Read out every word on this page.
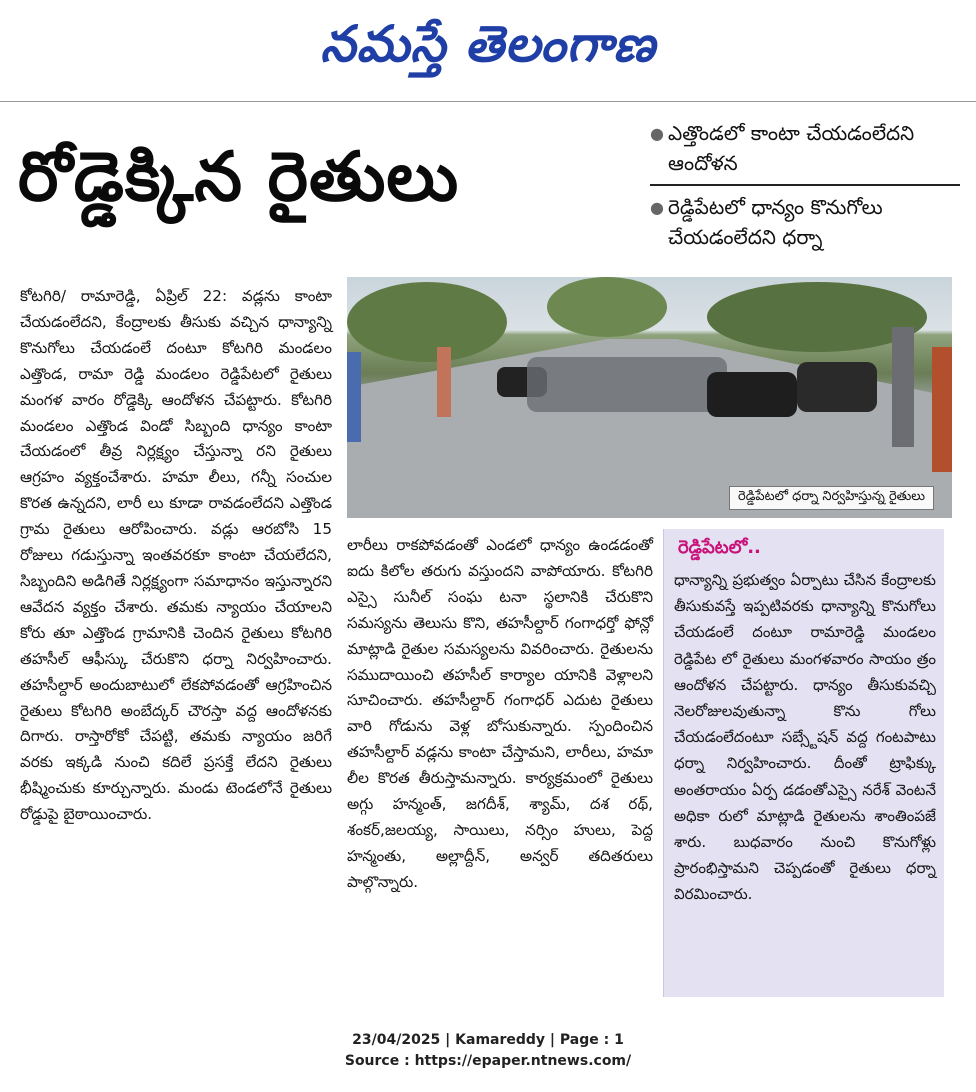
నమస్తే తెలంగాణ
రోడ్డెక్కిన రైతులు
● ఎత్తొండలో కాంటా చేయడంలేదని ఆందోళన
● రెడ్డిపేటలో ధాన్యం కొనుగోలు చేయడంలేదని ధర్నా
రెడ్డిపేటలో ధర్నా నిర్వహిస్తున్న రైతులు
కోటగిరి/ రామారెడ్డి, ఏప్రిల్ 22: వడ్లను కాంటా చేయడంలేదని, కేంద్రాలకు తీసుకు వచ్చిన ధాన్యాన్ని కొనుగోలు చేయడంలే దంటూ కోటగిరి మండలం ఎత్తొండ, రామా రెడ్డి మండలం రెడ్డిపేటలో రైతులు మంగళ వారం రోడ్డెక్కి ఆందోళన చేపట్టారు. కోటగిరి మండలం ఎత్తొండ విండో సిబ్బంది ధాన్యం కాంటా చేయడంలో తీవ్ర నిర్లక్ష్యం చేస్తున్నా రని రైతులు ఆగ్రహం వ్యక్తంచేశారు. హమా లీలు, గన్నీ సంచుల కొరత ఉన్నదని, లారీ లు కూడా రావడంలేదని ఎత్తొండ గ్రామ రైతులు ఆరోపించారు. వడ్లు ఆరబోసి 15 రోజులు గడుస్తున్నా ఇంతవరకూ కాంటా చేయలేదని, సిబ్బందిని అడిగితే నిర్లక్ష్యంగా సమాధానం ఇస్తున్నారని ఆవేదన వ్యక్తం చేశారు. తమకు న్యాయం చేయాలని కోరు తూ ఎత్తొండ గ్రామానికి చెందిన రైతులు కోటగిరి తహసీల్ ఆఫీస్కు చేరుకొని ధర్నా నిర్వహించారు. తహసీల్దార్ అందుబాటులో లేకపోవడంతో ఆగ్రహించిన రైతులు కోటగిరి అంబేద్కర్ చౌరస్తా వద్ద ఆందోళనకు దిగారు. రాస్తారోకో చేపట్టి, తమకు న్యాయం జరిగే వరకు ఇక్కడి నుంచి కదిలే ప్రసక్తే లేదని రైతులు భీష్మించుకు కూర్చున్నారు. మండు టెండలోనే రైతులు రోడ్డుపై బైఠాయించారు.
లారీలు రాకపోవడంతో ఎండలో ధాన్యం ఉండడంతో ఐదు కిలోల తరుగు వస్తుందని వాపోయారు. కోటగిరి ఎస్సై సునీల్ సంఘ టనా స్థలానికి చేరుకొని సమస్యను తెలుసు కొని, తహసీల్దార్ గంగాధర్తో ఫోన్లో మాట్లాడి రైతుల సమస్యలను వివరించారు. రైతులను సముదాయించి తహసీల్ కార్యాల యానికి వెళ్లాలని సూచించారు. తహసీల్దార్ గంగాధర్ ఎదుట రైతులు వారి గోడును వెళ్ల బోసుకున్నారు. స్పందించిన తహసీల్దార్ వడ్లను కాంటా చేస్తామని, లారీలు, హమా లీల కొరత తీరుస్తామన్నారు. కార్యక్రమంలో రైతులు అగ్గు హన్మంత్, జగదీశ్, శ్యామ్, దశ రథ్, శంకర్,జలయ్య, సాయిలు, నర్సిం హులు, పెద్ద హన్మంతు, అల్లాద్దీన్, అన్వర్ తదితరులు పాల్గొన్నారు.
రెడ్డిపేటలో..
ధాన్యాన్ని ప్రభుత్వం ఏర్పాటు చేసిన కేంద్రాలకు తీసుకువస్తే ఇప్పటివరకు ధాన్యాన్ని కొనుగోలు చేయడంలే దంటూ రామారెడ్డి మండలం రెడ్డిపేట లో రైతులు మంగళవారం సాయం త్రం ఆందోళన చేపట్టారు. ధాన్యం తీసుకువచ్చి నెలరోజులవుతున్నా కొను గోలు చేయడంలేదంటూ సబ్స్టేషన్ వద్ద గంటపాటు ధర్నా నిర్వహించారు. దీంతో ట్రాఫిక్కు అంతరాయం ఏర్ప డడంతోఎస్సై నరేశ్ వెంటనే అధికా రులో మాట్లాడి రైతులను శాంతింపజే శారు. బుధవారం నుంచి కొనుగోళ్లు ప్రారంభిస్తామని చెప్పడంతో రైతులు ధర్నా విరమించారు.
23/04/2025 | Kamareddy | Page : 1
Source : https://epaper.ntnews.com/
